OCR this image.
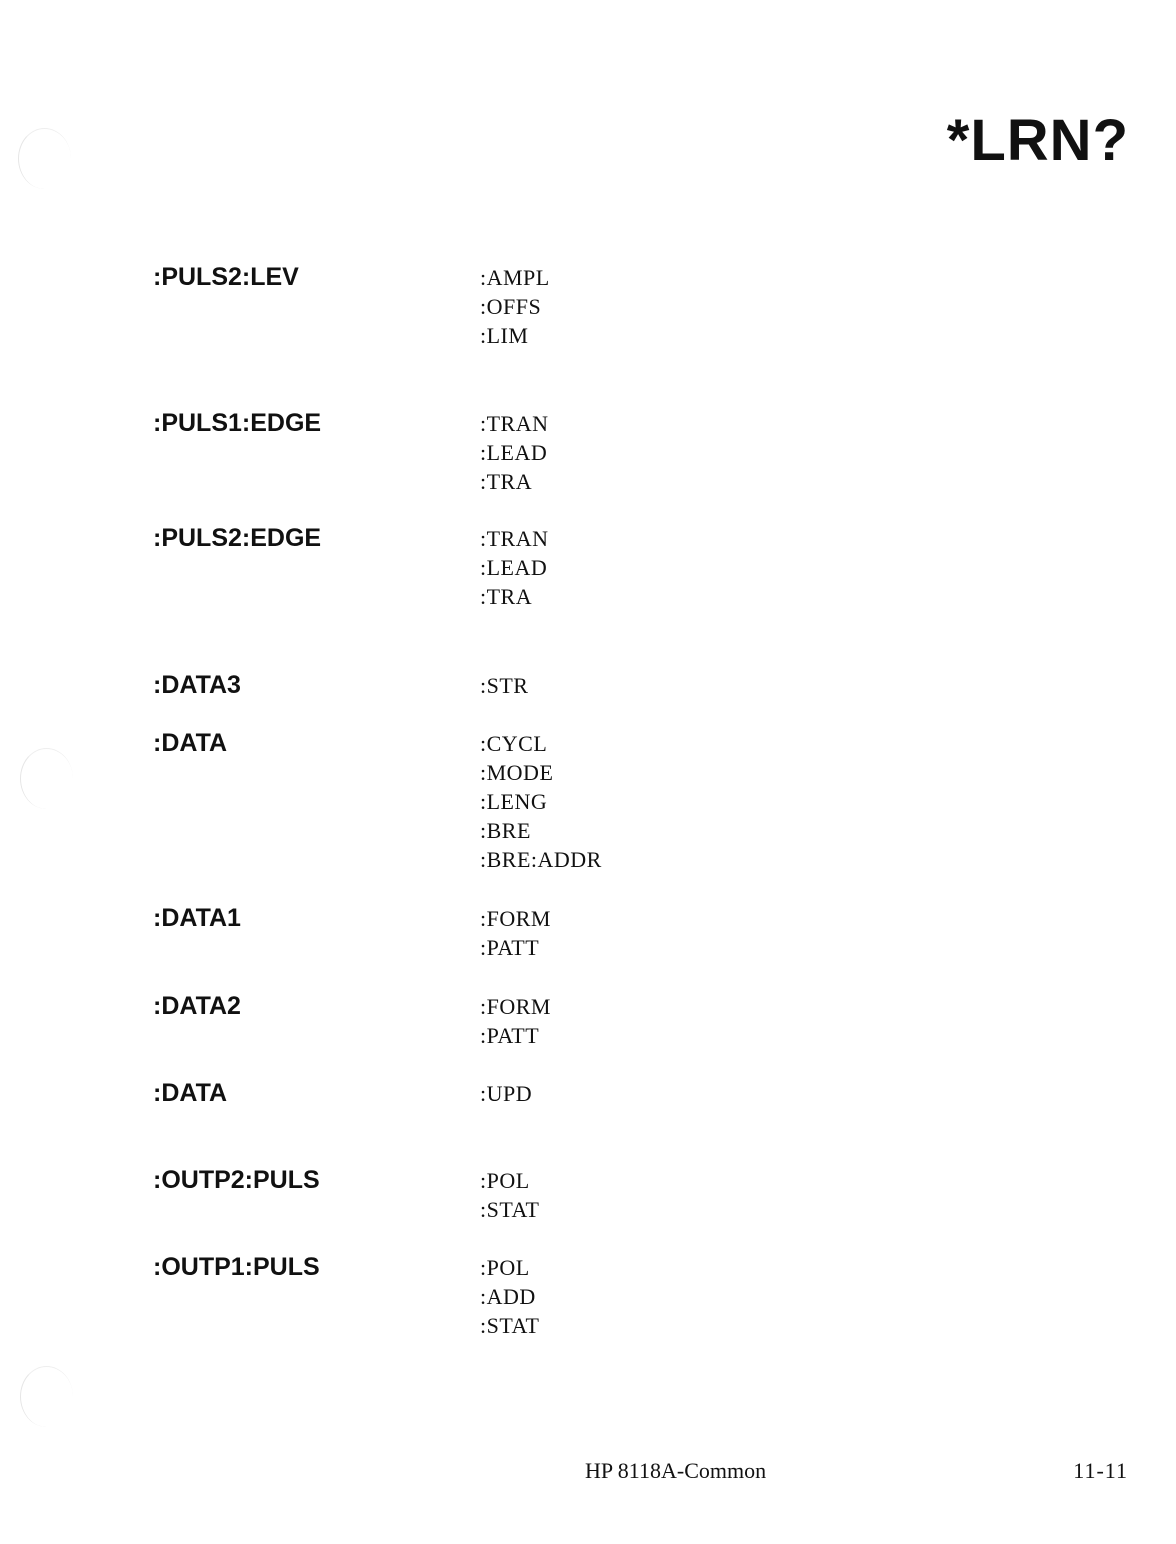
*LRN?
:PULS2:LEV	:AMPL
:OFFS
:LIM
:PULS1:EDGE	:TRAN
:LEAD
:TRA
:PULS2:EDGE	:TRAN
:LEAD
:TRA
:DATA3	:STR
:DATA	:CYCL
:MODE
:LENG
:BRE
:BRE:ADDR
:DATA1	:FORM
:PATT
:DATA2	:FORM
:PATT
:DATA	:UPD
:OUTP2:PULS	:POL
:STAT
:OUTP1:PULS	:POL
:ADD
:STAT
HP 8118A-Common	11-11
